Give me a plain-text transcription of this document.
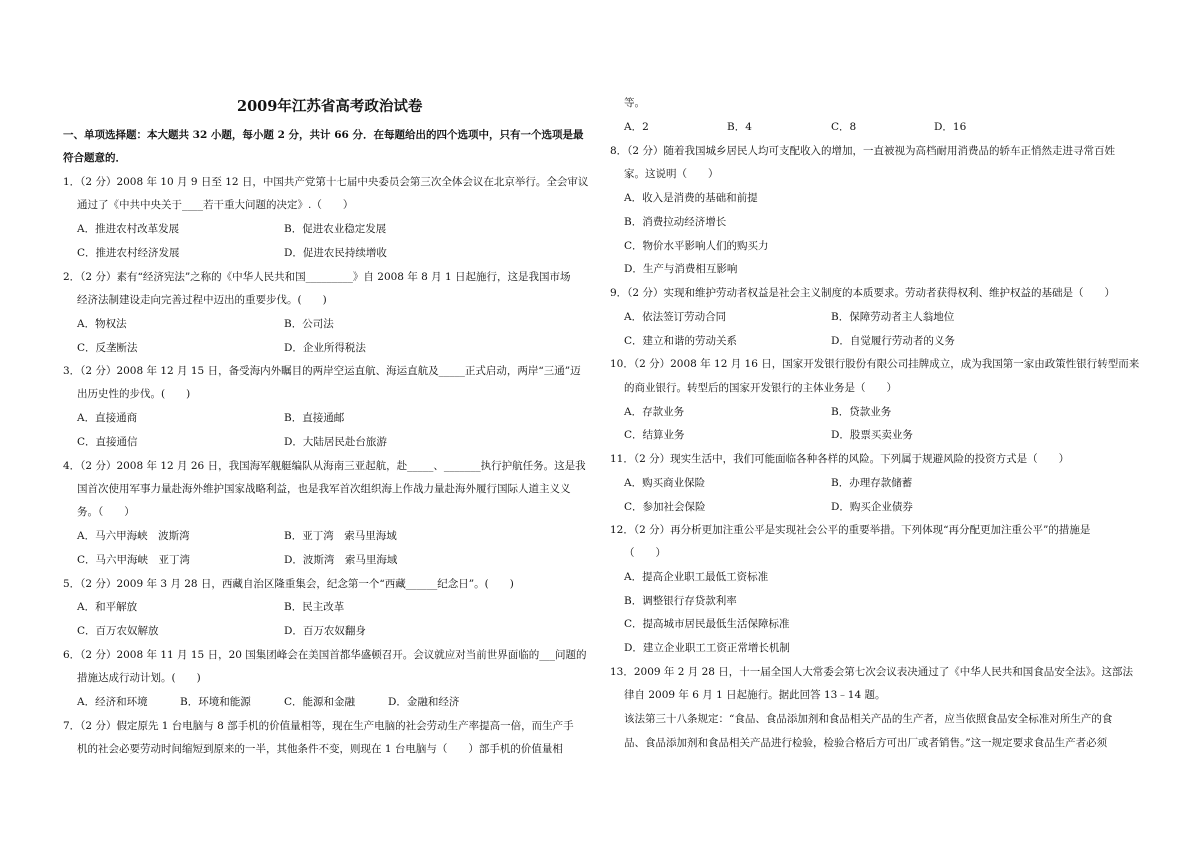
2009年江苏省高考政治试卷
一、单项选择题：本大题共 32 小题，每小题 2 分，共计 66 分．在每题给出的四个选项中，只有一个选项是最
符合题意的．
1．（2 分）2008 年 10 月 9 日至 12 日，中国共产党第十七届中央委员会第三次全体会议在北京举行。全会审议
通过了《中共中央关于____若干重大问题的决定》.（　　）
A．推进农村改革发展	B．促进农业稳定发展
C．推进农村经济发展	D．促进农民持续增收
2．（2 分）素有“经济宪法”之称的《中华人民共和国_________》自 2008 年 8 月 1 日起施行，这是我国市场
经济法制建设走向完善过程中迈出的重要步伐。(　　)
A．物权法	B．公司法
C．反垄断法	D．企业所得税法
3．（2 分）2008 年 12 月 15 日，备受海内外瞩目的两岸空运直航、海运直航及_____正式启动，两岸“三通”迈
出历史性的步伐。(　　)
A．直接通商	B．直接通邮
C．直接通信	D．大陆居民赴台旅游
4．（2 分）2008 年 12 月 26 日，我国海军舰艇编队从海南三亚起航，赴_____、_______执行护航任务。这是我
国首次使用军事力量赴海外维护国家战略利益，也是我军首次组织海上作战力量赴海外履行国际人道主义义
务。（　　）
A．马六甲海峡　波斯湾	B．亚丁湾　索马里海域
C．马六甲海峡　亚丁湾	D．波斯湾　索马里海域
5．（2 分）2009 年 3 月 28 日，西藏自治区隆重集会，纪念第一个“西藏______纪念日”。(　　)
A．和平解放	B．民主改革
C．百万农奴解放	D．百万农奴翻身
6．（2 分）2008 年 11 月 15 日，20 国集团峰会在美国首都华盛顿召开。会议就应对当前世界面临的___问题的
措施达成行动计划。(　　)
A．经济和环境	B．环境和能源	C．能源和金融	D．金融和经济
7．（2 分）假定原先 1 台电脑与 8 部手机的价值量相等，现在生产电脑的社会劳动生产率提高一倍，而生产手
机的社会必要劳动时间缩短到原来的一半，其他条件不变，则现在 1 台电脑与（　　）部手机的价值量相
等。
A．2	B．4	C．8	D．16
8．（2 分）随着我国城乡居民人均可支配收入的增加，一直被视为高档耐用消费品的轿车正悄然走进寻常百姓
家。这说明（　　）
A．收入是消费的基础和前提
B．消费拉动经济增长
C．物价水平影响人们的购买力
D．生产与消费相互影响
9．（2 分）实现和维护劳动者权益是社会主义制度的本质要求。劳动者获得权利、维护权益的基础是（　　）
A．依法签订劳动合同	B．保障劳动者主人翁地位
C．建立和谐的劳动关系	D．自觉履行劳动者的义务
10．（2 分）2008 年 12 月 16 日，国家开发银行股份有限公司挂牌成立，成为我国第一家由政策性银行转型而来
的商业银行。转型后的国家开发银行的主体业务是（　　）
A．存款业务	B．贷款业务
C．结算业务	D．股票买卖业务
11．（2 分）现实生活中，我们可能面临各种各样的风险。下列属于规避风险的投资方式是（　　）
A．购买商业保险	B．办理存款储蓄
C．参加社会保险	D．购买企业债券
12．（2 分）再分析更加注重公平是实现社会公平的重要举措。下列体现“再分配更加注重公平”的措施是
（　　）
A．提高企业职工最低工资标准
B．调整银行存贷款利率
C．提高城市居民最低生活保障标准
D．建立企业职工工资正常增长机制
13．2009 年 2 月 28 日，十一届全国人大常委会第七次会议表决通过了《中华人民共和国食品安全法》。这部法
律自 2009 年 6 月 1 日起施行。据此回答 13﹣14 题。
该法第三十八条规定：“食品、食品添加剂和食品相关产品的生产者，应当依照食品安全标准对所生产的食
品、食品添加剂和食品相关产品进行检验，检验合格后方可出厂或者销售。”这一规定要求食品生产者必须
